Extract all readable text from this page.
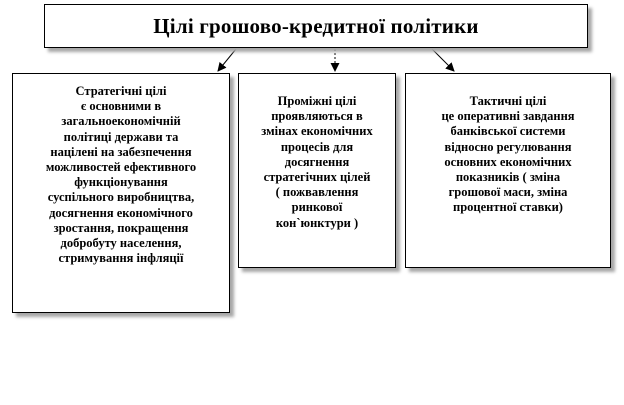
Цілі грошово-кредитної політики
Стратегічні цілі
є основними в
загальноекономічній
політиці держави та
націлені на забезпечення
можливостей ефективного
функціонування
суспільного виробництва,
досягнення економічного
зростання, покращення
добробуту населення,
стримування інфляції
Проміжні цілі
проявляються в
змінах економічних
процесів для
досягнення
стратегічних цілей
( пожвавлення
ринкової
кон`юнктури )
Тактичні цілі
це оперативні завдання
банківської системи
відносно регулювання
основних економічних
показників ( зміна
грошової маси, зміна
процентної ставки)
